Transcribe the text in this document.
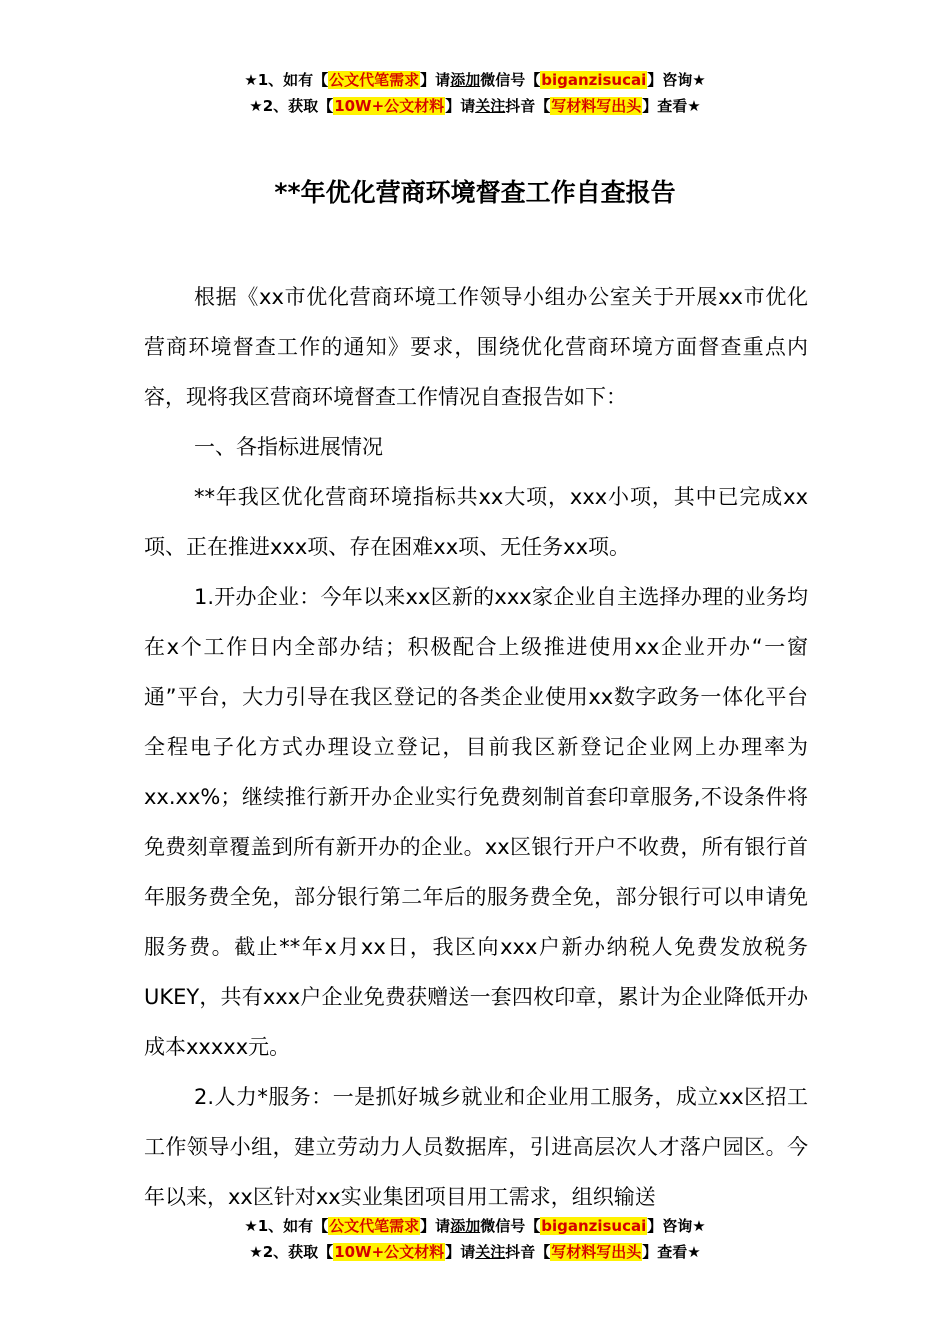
★1、如有【公文代笔需求】请添加微信号【biganzisucai】咨询★
★2、获取【10W+公文材料】请关注抖音【写材料写出头】查看★
**年优化营商环境督查工作自查报告

根据《xx市优化营商环境工作领导小组办公室关于开展xx市优化营商环境督查工作的通知》要求，围绕优化营商环境方面督查重点内容，现将我区营商环境督查工作情况自查报告如下：

一、各指标进展情况

**年我区优化营商环境指标共xx大项，xxx小项，其中已完成xx项、正在推进xxx项、存在困难xx项、无任务xx项。

1.开办企业：今年以来xx区新的xxx家企业自主选择办理的业务均在x个工作日内全部办结；积极配合上级推进使用xx企业开办“一窗通”平台，大力引导在我区登记的各类企业使用xx数字政务一体化平台全程电子化方式办理设立登记，目前我区新登记企业网上办理率为xx.xx%；继续推行新开办企业实行免费刻制首套印章服务,不设条件将免费刻章覆盖到所有新开办的企业。xx区银行开户不收费，所有银行首年服务费全免，部分银行第二年后的服务费全免，部分银行可以申请免服务费。截止**年x月xx日，我区向xxx户新办纳税人免费发放税务UKEY，共有xxx户企业免费获赠送一套四枚印章，累计为企业降低开办成本xxxxx元。

2.人力*服务：一是抓好城乡就业和企业用工服务，成立xx区招工工作领导小组，建立劳动力人员数据库，引进高层次人才落户园区。今年以来，xx区针对xx实业集团项目用工需求，组织输送

★1、如有【公文代笔需求】请添加微信号【biganzisucai】咨询★
★2、获取【10W+公文材料】请关注抖音【写材料写出头】查看★
